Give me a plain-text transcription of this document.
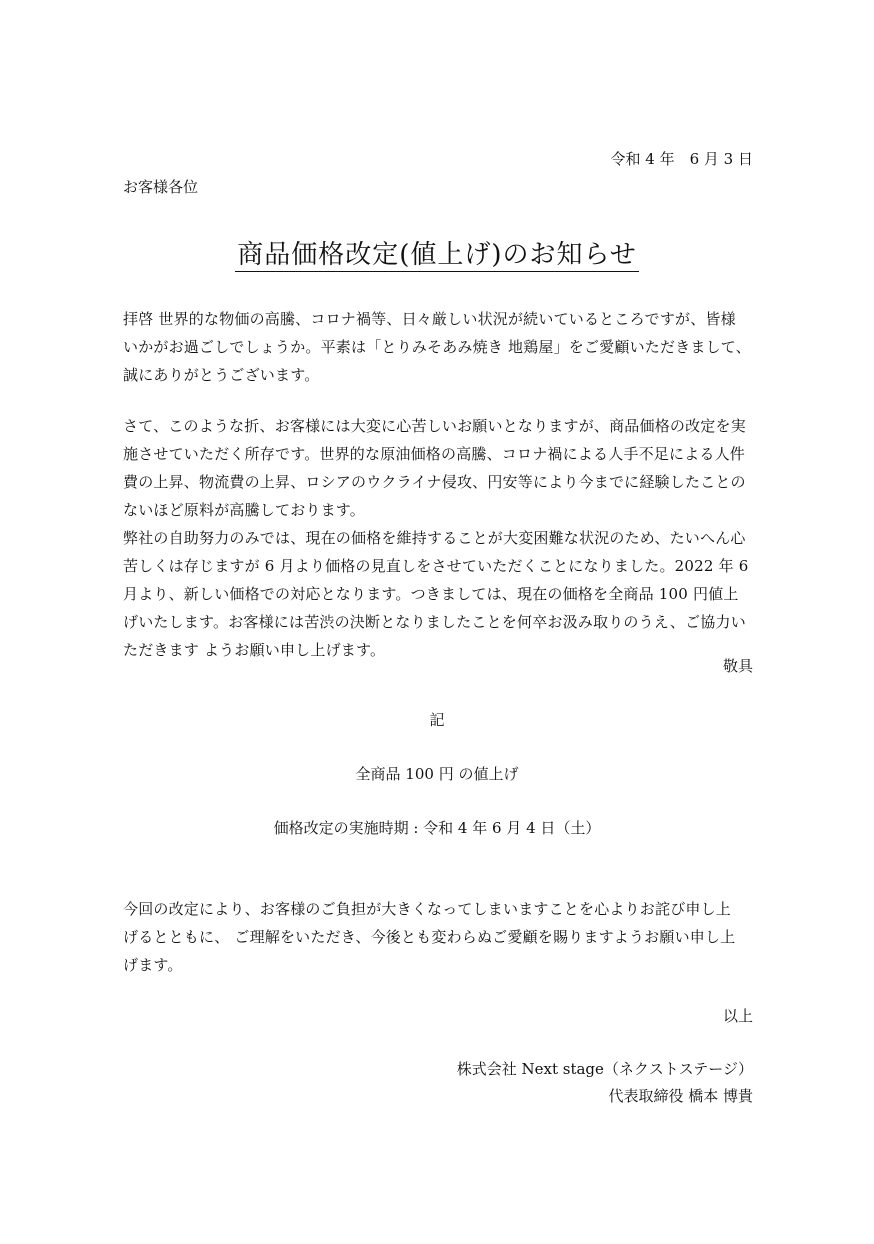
令和 4 年　6 月 3 日
お客様各位
商品価格改定(値上げ)のお知らせ
拝啓 世界的な物価の高騰、コロナ禍等、日々厳しい状況が続いているところですが、皆様
いかがお過ごしでしょうか。平素は「とりみそあみ焼き 地鶏屋」をご愛顧いただきまして、
誠にありがとうございます。
さて、このような折、お客様には大変に心苦しいお願いとなりますが、商品価格の改定を実
施させていただく所存です。世界的な原油価格の高騰、コロナ禍による人手不足による人件
費の上昇、物流費の上昇、ロシアのウクライナ侵攻、円安等により今までに経験したことの
ないほど原料が高騰しております。
弊社の自助努力のみでは、現在の価格を維持することが大変困難な状況のため、たいへん心
苦しくは存じますが 6 月より価格の見直しをさせていただくことになりました。2022 年 6
月より、新しい価格での対応となります。つきましては、現在の価格を全商品 100 円値上
げいたします。お客様には苦渋の決断となりましたことを何卒お汲み取りのうえ、ご協力い
ただきます ようお願い申し上げます。
敬具
記
全商品 100 円 の値上げ
価格改定の実施時期 : 令和 4 年 6 月 4 日（土）
今回の改定により、お客様のご負担が大きくなってしまいますことを心よりお詫び申し上
げるとともに、 ご理解をいただき、今後とも変わらぬご愛顧を賜りますようお願い申し上
げます。
以上
株式会社 Next stage（ネクストステージ）
代表取締役 橋本 博貴
